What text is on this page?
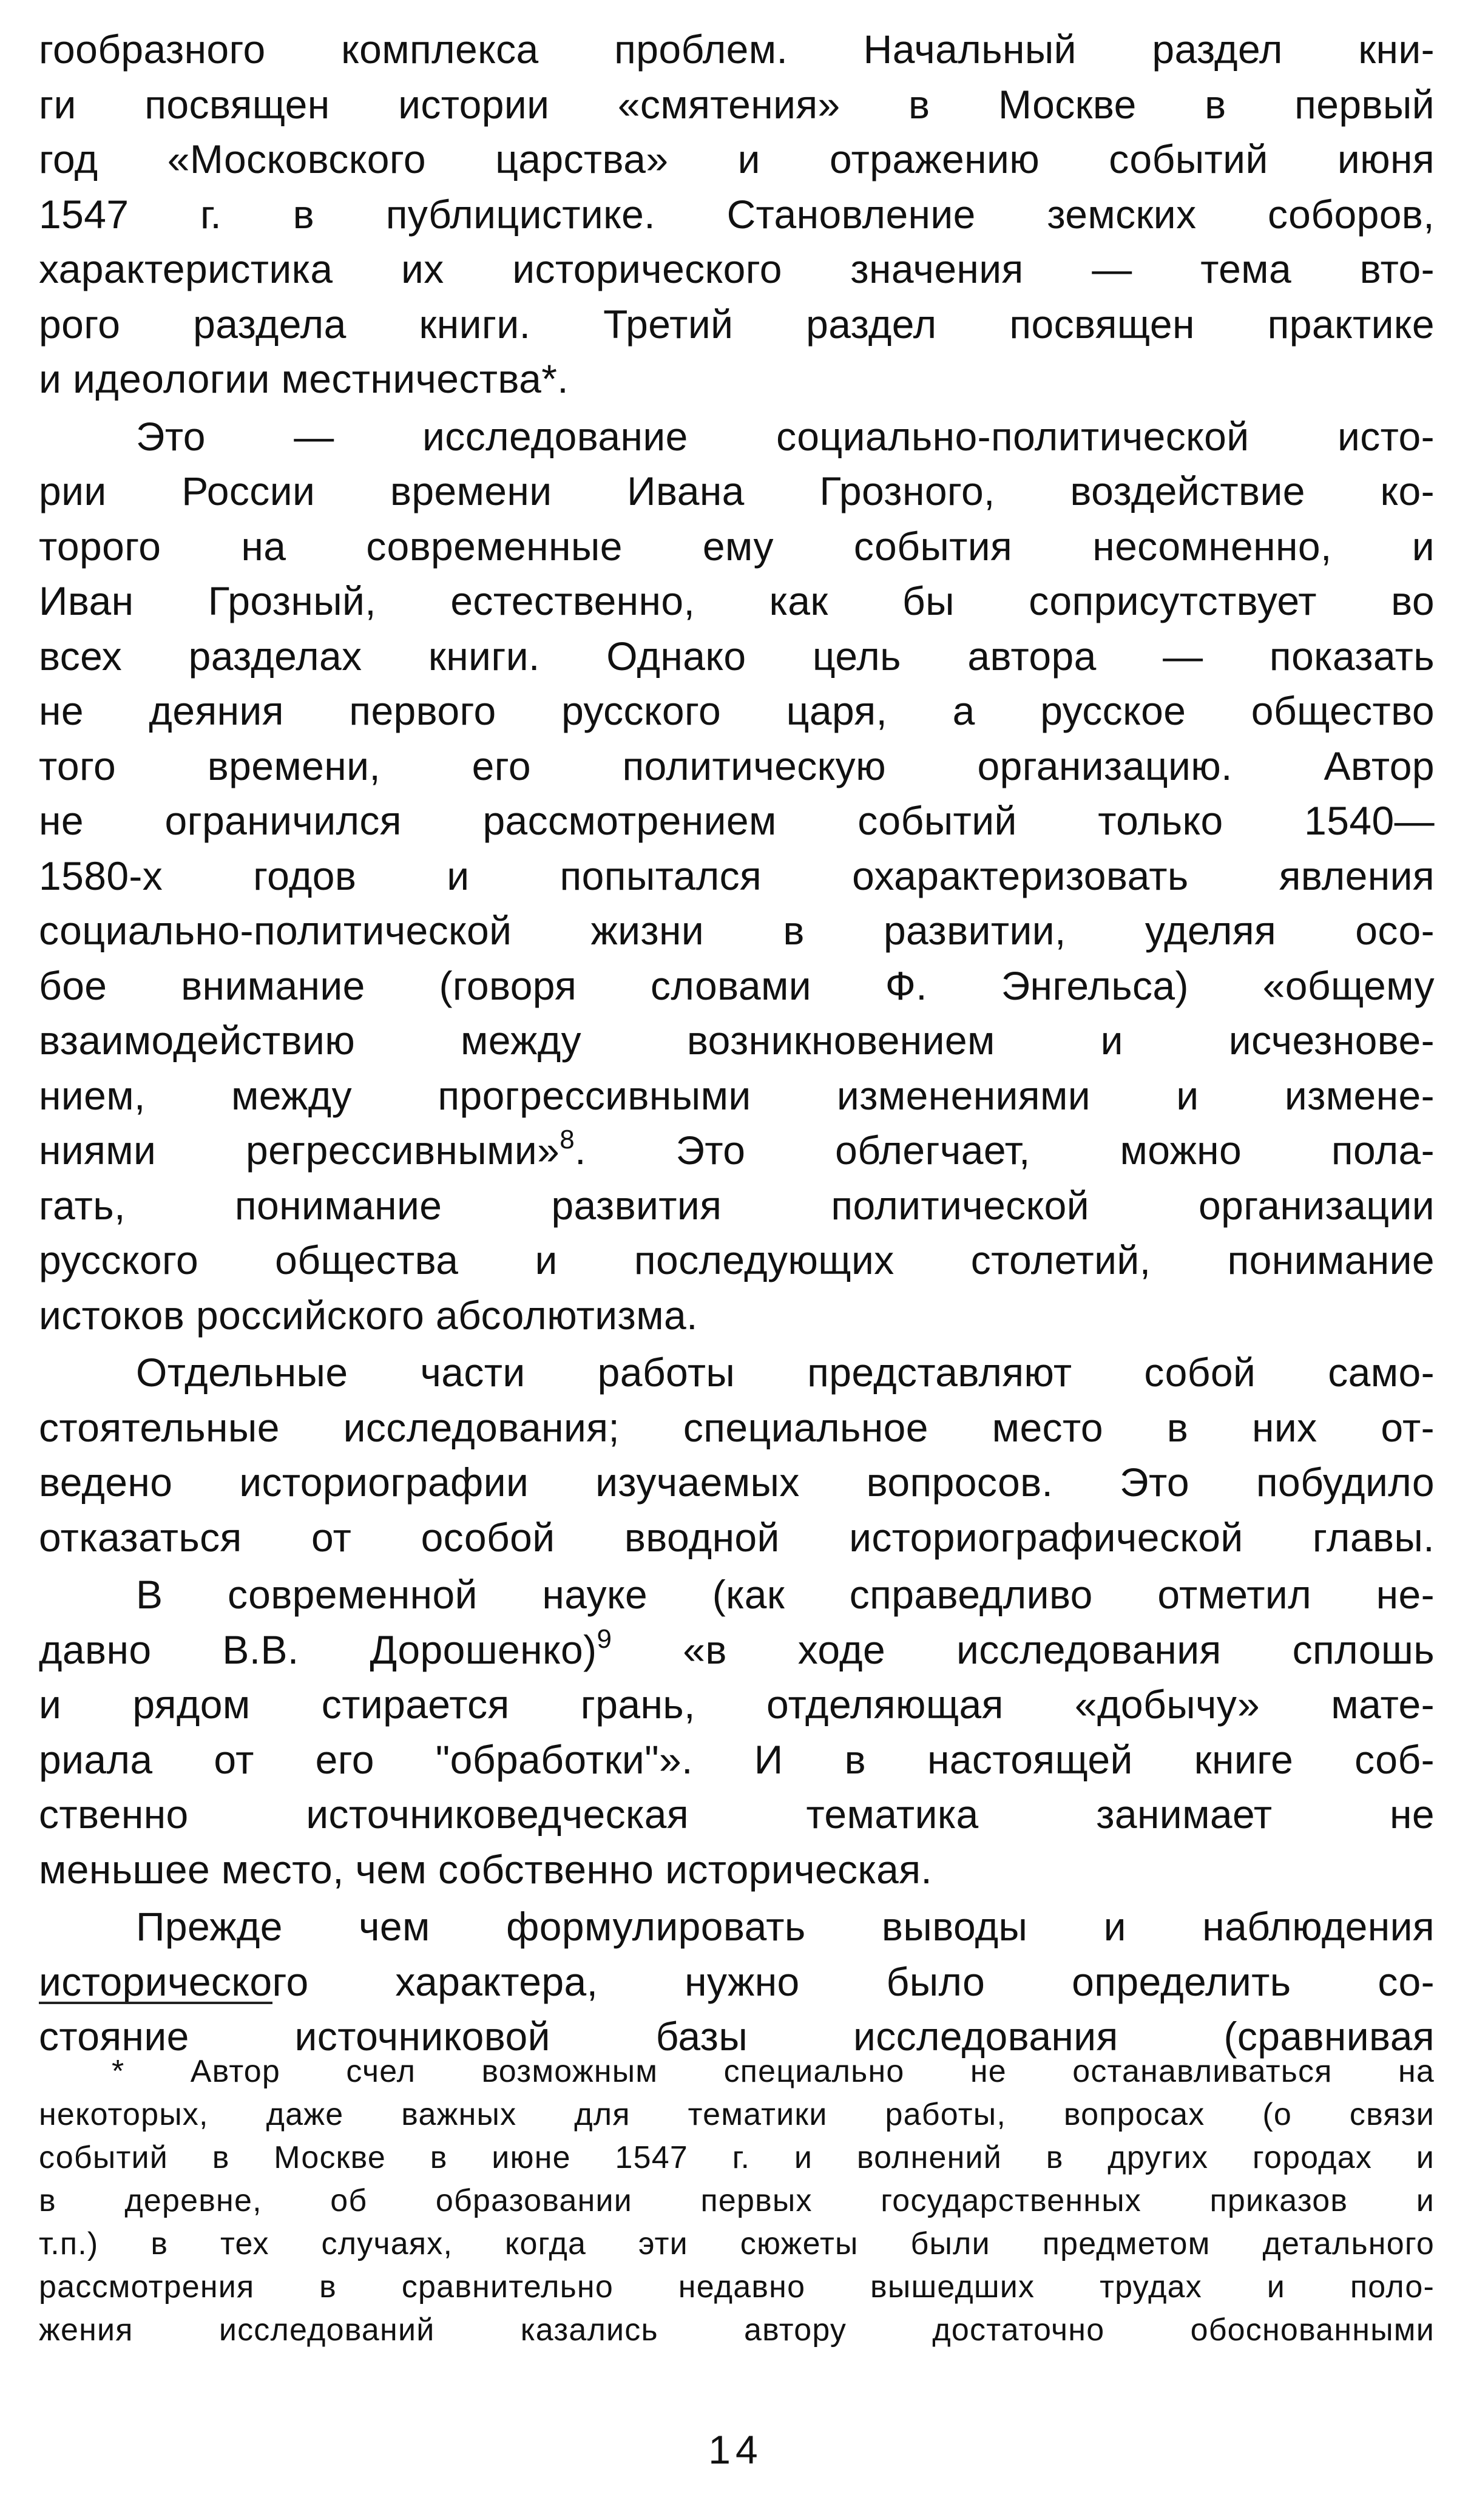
гообразного комплекса проблем. Начальный раздел кни-
ги посвящен истории «смятения» в Москве в первый
год «Московского царства» и отражению событий июня
1547 г. в публицистике. Становление земских соборов,
характеристика их исторического значения — тема вто-
рого раздела книги. Третий раздел посвящен практике
и идеологии местничества*.
Это — исследование социально-политической исто-
рии России времени Ивана Грозного, воздействие ко-
торого на современные ему события несомненно, и
Иван Грозный, естественно, как бы соприсутствует во
всех разделах книги. Однако цель автора — показать
не деяния первого русского царя, а русское общество
того времени, его политическую организацию. Автор
не ограничился рассмотрением событий только 1540—
1580-х годов и попытался охарактеризовать явления
социально-политической жизни в развитии, уделяя осо-
бое внимание (говоря словами Ф. Энгельса) «общему
взаимодействию между возникновением и исчезнове-
нием, между прогрессивными изменениями и измене-
ниями регрессивными»$^8$. Это облегчает, можно пола-
гать, понимание развития политической организации
русского общества и последующих столетий, понимание
истоков российского абсолютизма.
Отдельные части работы представляют собой само-
стоятельные исследования; специальное место в них от-
ведено историографии изучаемых вопросов. Это побудило
отказаться от особой вводной историографической главы.
В современной науке (как справедливо отметил не-
давно В.В. Дорошенко)$^9$ «в ходе исследования сплошь
и рядом стирается грань, отделяющая «добычу» мате-
риала от его "обработки"». И в настоящей книге соб-
ственно источниковедческая тематика занимает не
меньшее место, чем собственно историческая.
Прежде чем формулировать выводы и наблюдения
исторического характера, нужно было определить со-
стояние источниковой базы исследования (сравнивая
* Автор счел возможным специально не останавливаться на
некоторых, даже важных для тематики работы, вопросах (о связи
событий в Москве в июне 1547 г. и волнений в других городах и
в деревне, об образовании первых государственных приказов и
т.п.) в тех случаях, когда эти сюжеты были предметом детального
рассмотрения в сравнительно недавно вышедших трудах и поло-
жения исследований казались автору достаточно обоснованными
14
